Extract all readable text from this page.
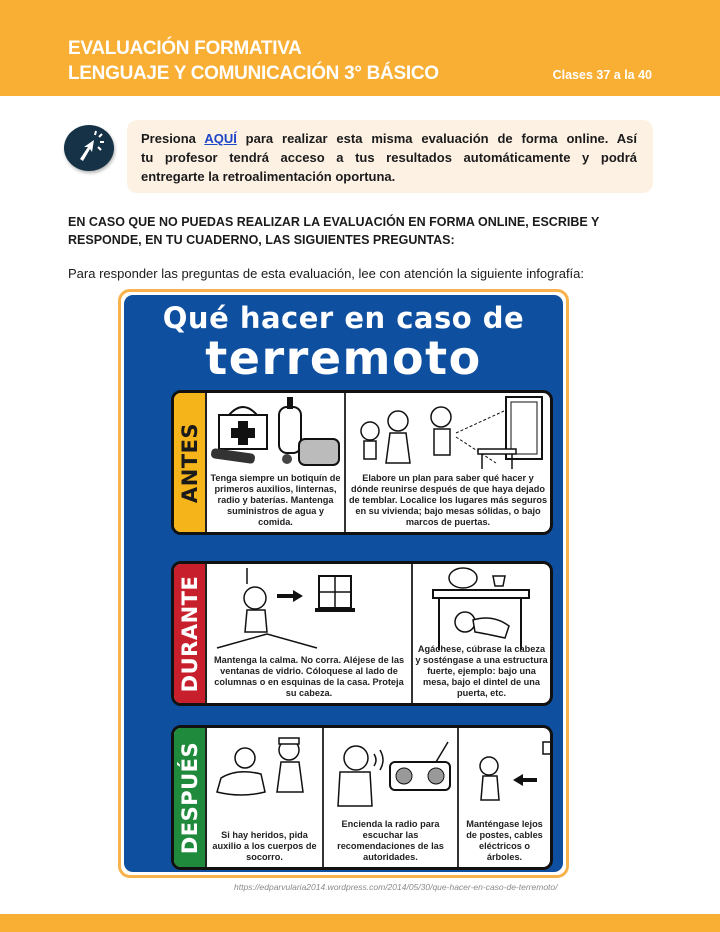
EVALUACIÓN FORMATIVA
LENGUAJE Y COMUNICACIÓN 3° BÁSICO	Clases 37 a la 40
Presiona AQUÍ para realizar esta misma evaluación de forma online. Así
tu profesor tendrá acceso a tus resultados automáticamente y podrá
entregarte la retroalimentación oportuna.
EN CASO QUE NO PUEDAS REALIZAR LA EVALUACIÓN EN FORMA ONLINE, ESCRIBE Y RESPONDE, EN TU CUADERNO, LAS SIGUIENTES PREGUNTAS:
Para responder las preguntas de esta evaluación, lee con atención la siguiente infografía:
Qué hacer en caso de
terremoto
ANTES Tenga siempre un botiquín de primeros auxilios, linternas, radio y baterías. Mantenga suministros de agua y comida.
Elabore un plan para saber qué hacer y dónde reunirse después de que haya dejado de temblar. Localice los lugares más seguros en su vivienda; bajo mesas sólidas, o bajo marcos de puertas.
DURANTE	Mantenga la calma. No corra. Aléjese de las ventanas de vidrio. Cóloquese al lado de columnas o en esquinas de la casa. Proteja su cabeza.
Agáchese, cúbrase la cabeza y sosténgase a una estructura fuerte, ejemplo: bajo una mesa, bajo el dintel de una puerta, etc.
DESPUÉS	Si hay heridos, pida auxilio a los cuerpos de socorro.
Encienda la radio para escuchar las recomendaciones de las autoridades.
Manténgase lejos de postes, cables eléctricos o árboles.
https://edparvularia2014.wordpress.com/2014/05/30/que-hacer-en-caso-de-terremoto/
